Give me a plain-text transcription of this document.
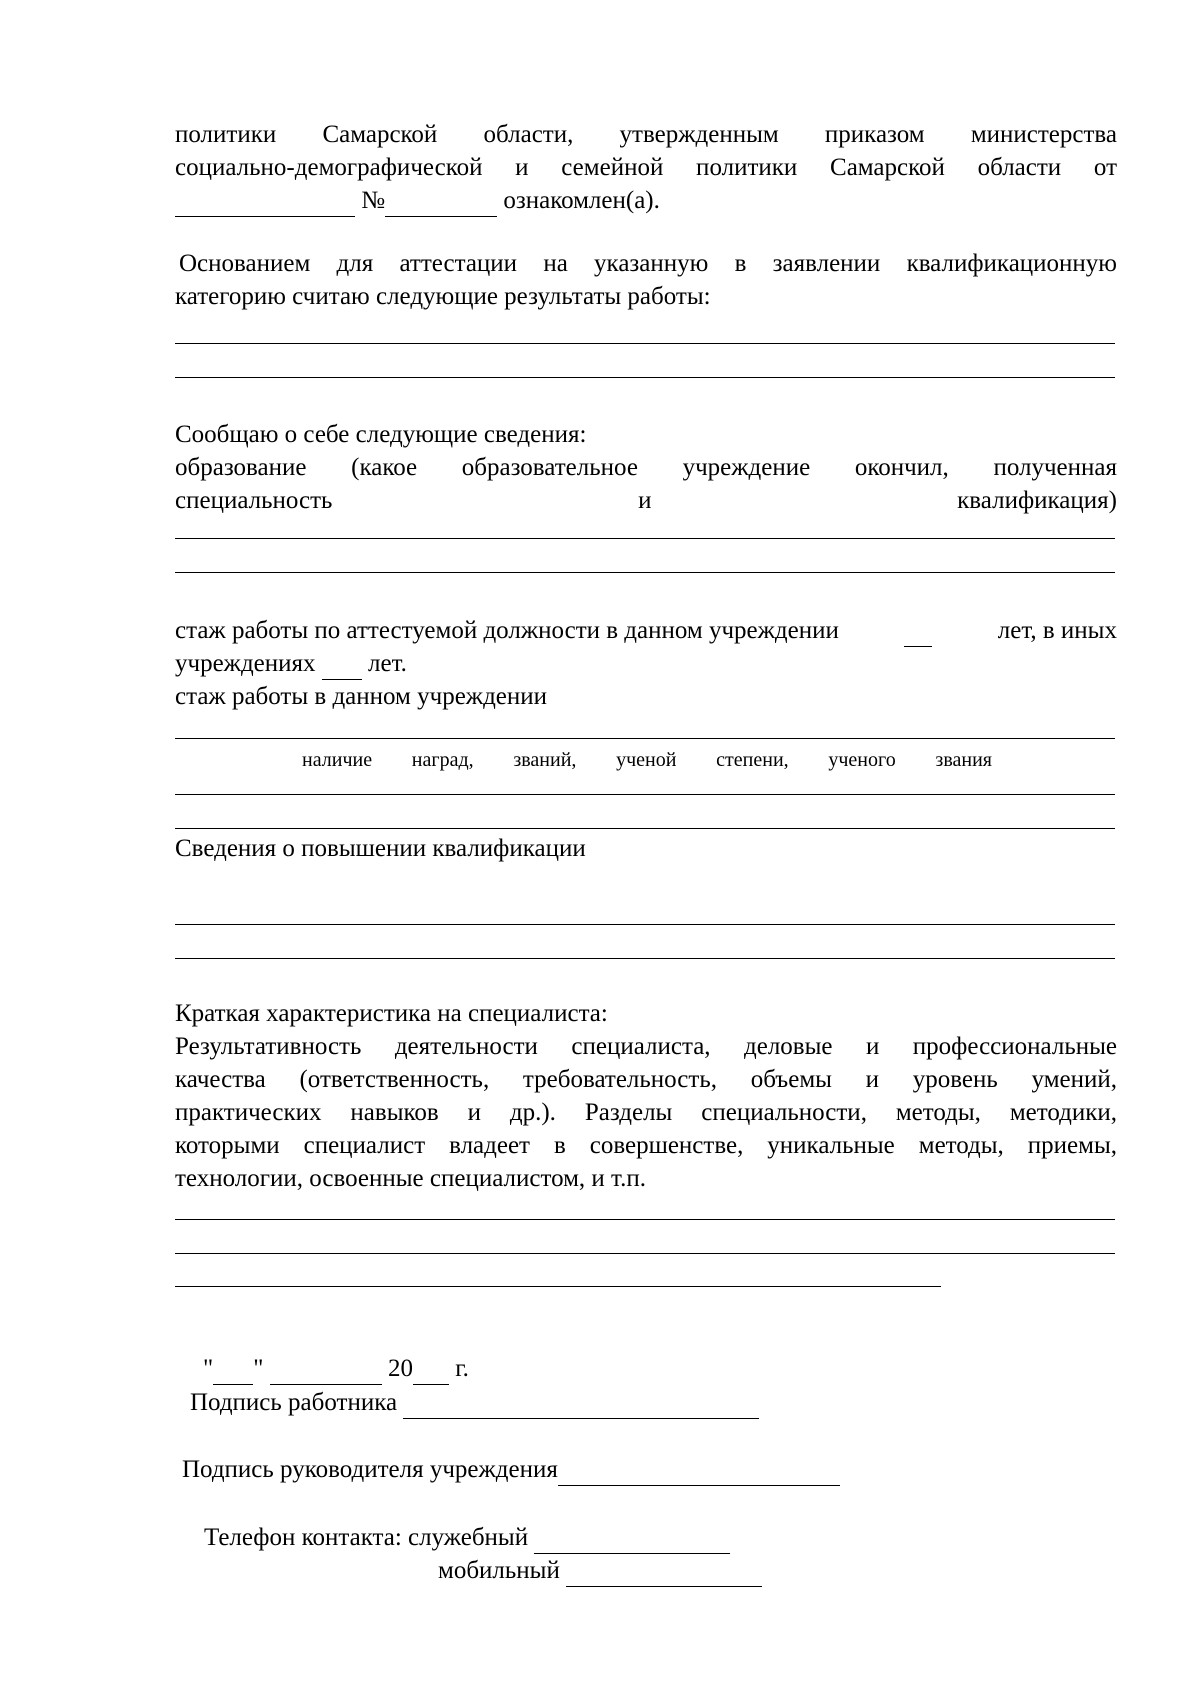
политики Самарской области, утвержденным приказом министерства
социально-демографической и семейной политики Самарской области от
№	ознакомлен(а).
Основанием для аттестации на указанную в заявлении квалификационную
категорию считаю следующие результаты работы:
Сообщаю о себе следующие сведения:
образование (какое образовательное учреждение окончил, полученная
специальность	и	квалификация)
стаж работы по аттестуемой должности в данном учреждении	лет, в иных
учреждениях лет.
стаж работы в данном учреждении
наличие наград, званий, ученой степени, ученого звания
Сведения о повышении квалификации
Краткая характеристика на специалиста:
Результативность деятельности специалиста, деловые и профессиональные
качества (ответственность, требовательность, объемы и уровень умений,
практических навыков и др.). Разделы специальности, методы, методики,
которыми специалист владеет в совершенстве, уникальные методы, приемы,
технологии, освоенные специалистом, и т.п.
" "	20 г.
Подпись работника
Подпись руководителя учреждения
Телефон контакта: служебный
мобильный
